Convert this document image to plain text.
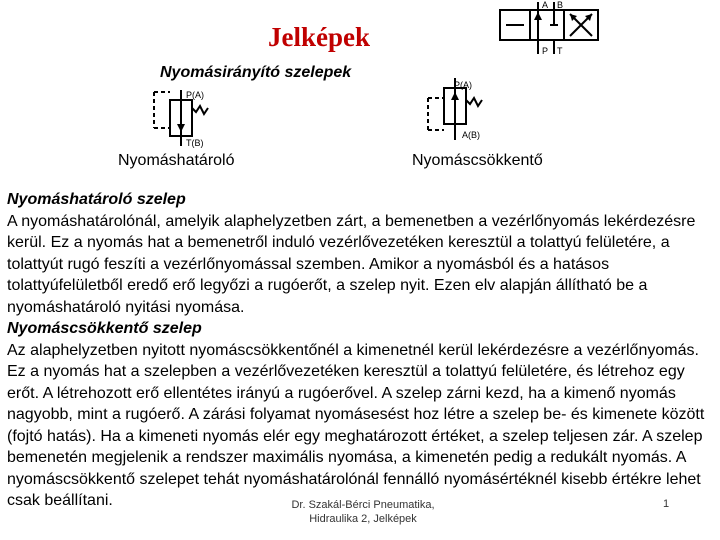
Jelképek
A B
P T
Nyomásirányító szelepek
P(A)
T(B)
P(A)
A(B)
Nyomáshatároló	Nyomáscsökkentő

Nyomáshatároló szelep
A nyomáshatárolónál, amelyik alaphelyzetben zárt, a bemenetben a vezérlőnyomás lekérdezésre kerül. Ez a nyomás hat a bemenetről induló vezérlővezetéken keresztül a tolattyú felületére, a tolattyút rugó feszíti a vezérlőnyomással szemben. Amikor a nyomásból és a hatásos tolattyúfelületből eredő erő legyőzi a rugóerőt, a szelep nyit. Ezen elv alapján állítható be a nyomáshatároló nyitási nyomása.

Nyomáscsökkentő szelep
Az alaphelyzetben nyitott nyomáscsökkentőnél a kimenetnél kerül lekérdezésre a vezérlőnyomás. Ez a nyomás hat a szelepben a vezérlővezetéken keresztül a tolattyú felületére, és létrehoz egy erőt. A létrehozott erő ellentétes irányú a rugóerővel. A szelep zárni kezd, ha a kimenő nyomás nagyobb, mint a rugóerő. A zárási folyamat nyomásesést hoz létre a szelep be- és kimenete között (fojtó hatás). Ha a kimeneti nyomás elér egy meghatározott értéket, a szelep teljesen zár. A szelep bemenetén megjelenik a rendszer maximális nyomása, a kimenetén pedig a redukált nyomás. A nyomáscsökkentő szelepet tehát nyomáshatárolónál fennálló nyomásértéknél kisebb értékre lehet csak beállítani.	Dr. Szakál-Bérci Pneumatika,
Hidraulika 2, Jelképek
1
